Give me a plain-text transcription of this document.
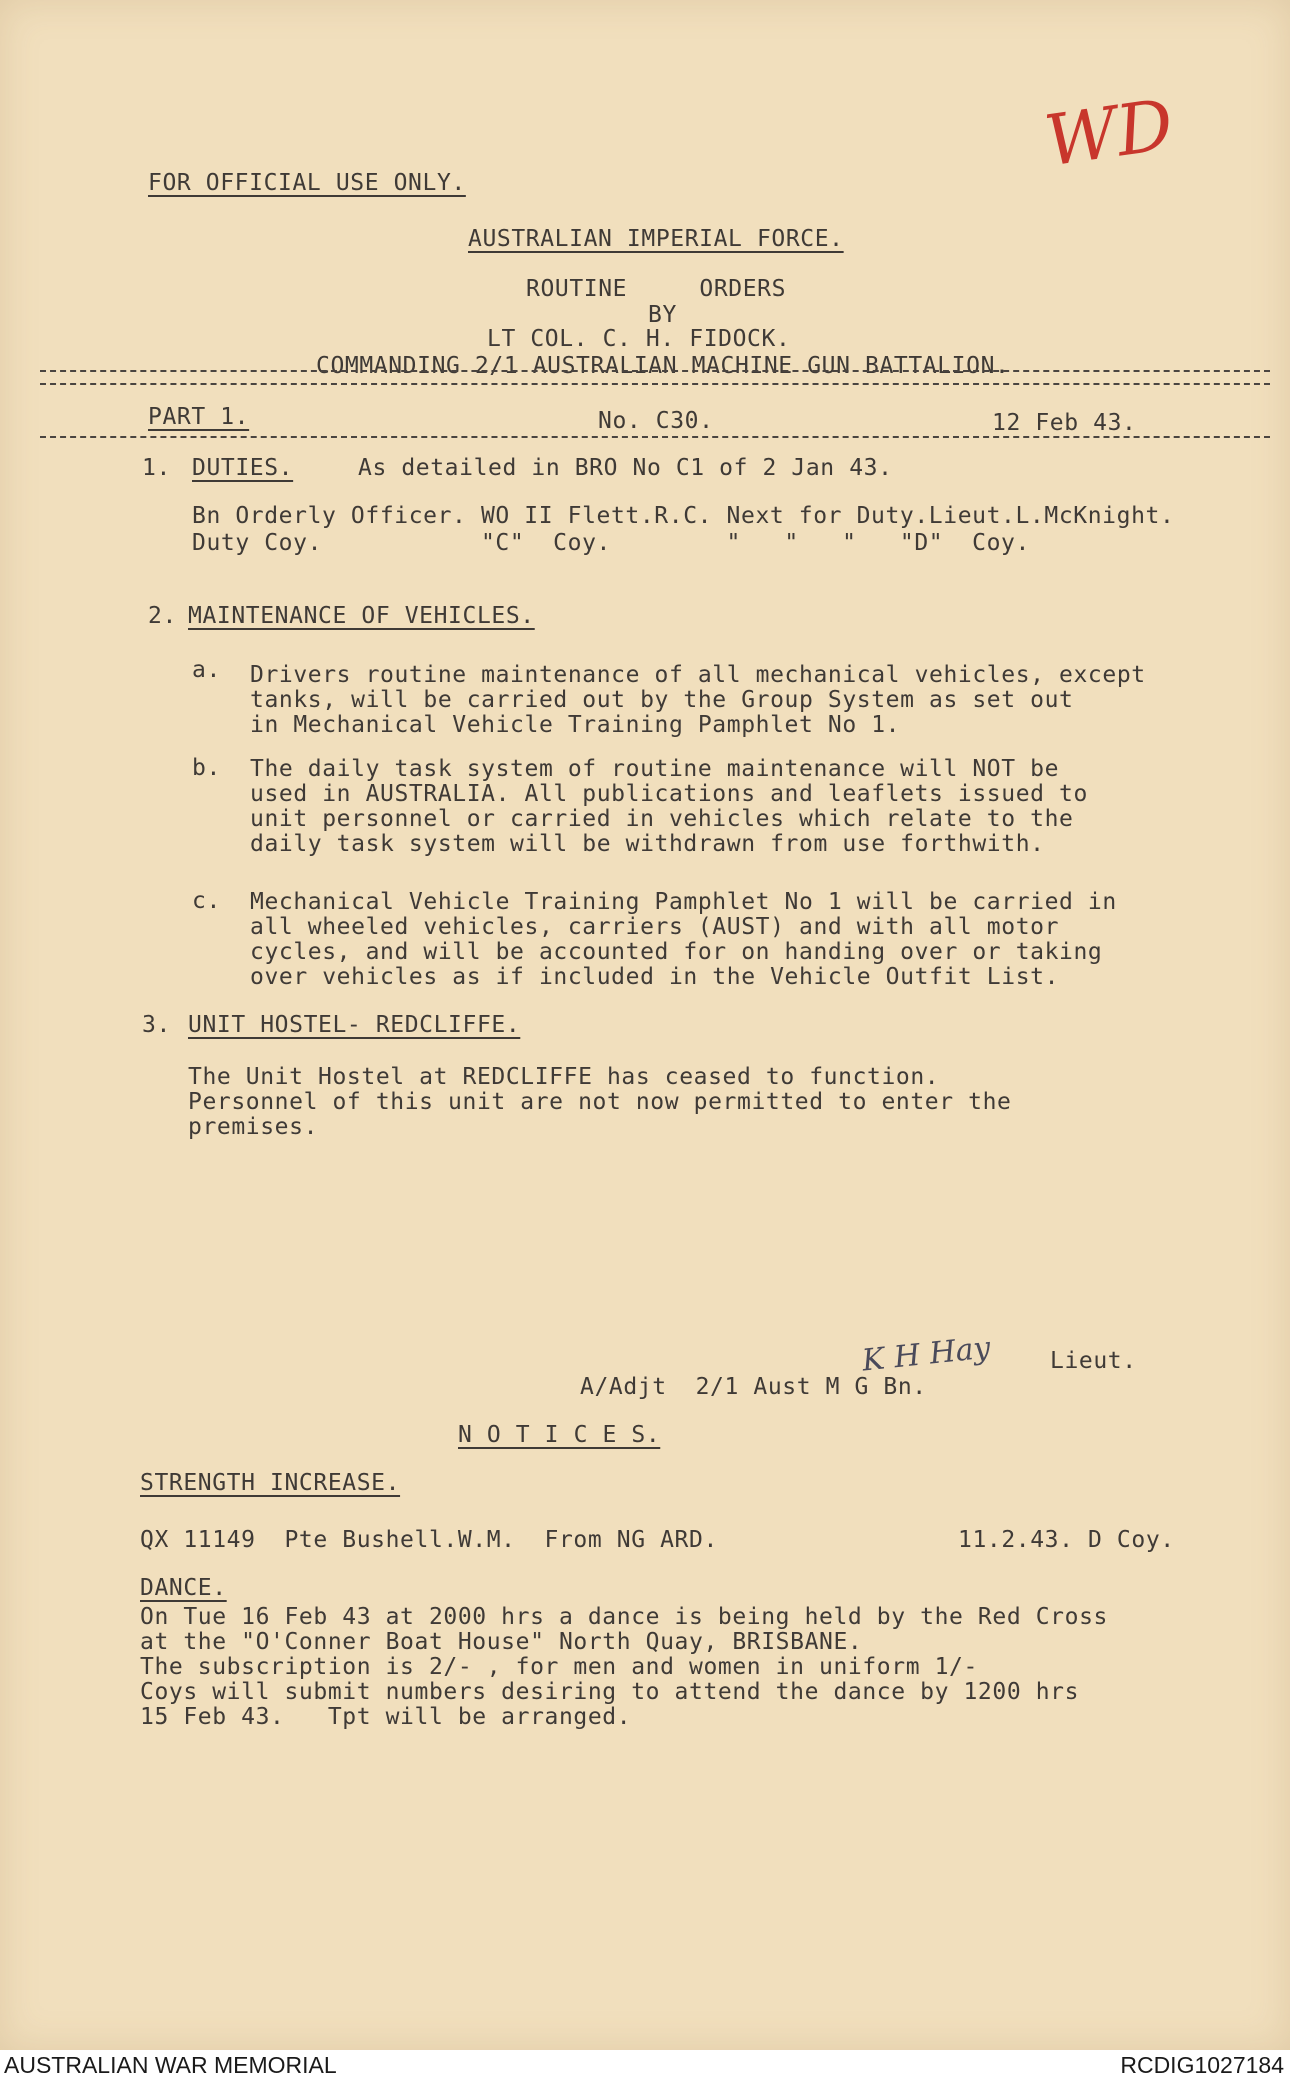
WD

FOR OFFICIAL USE ONLY.

AUSTRALIAN IMPERIAL FORCE.

ROUTINE     ORDERS

BY

LT COL. C. H. FIDOCK.

COMMANDING 2/1 AUSTRALIAN MACHINE GUN BATTALION.

PART 1.	No. C30.	12 Feb 43.

1. DUTIES.	As detailed in BRO No C1 of 2 Jan 43.

Bn Orderly Officer. WO II Flett.R.C. Next for Duty.Lieut.L.McKnight.

Duty Coy.           "C"  Coy.        "   "   "   "D"  Coy.

2. MAINTENANCE OF VEHICLES.

a. Drivers routine maintenance of all mechanical vehicles, except
tanks, will be carried out by the Group System as set out
in Mechanical Vehicle Training Pamphlet No 1.

b. The daily task system of routine maintenance will NOT be
used in AUSTRALIA. All publications and leaflets issued to
unit personnel or carried in vehicles which relate to the
daily task system will be withdrawn from use forthwith.

c. Mechanical Vehicle Training Pamphlet No 1 will be carried in
all wheeled vehicles, carriers (AUST) and with all motor
cycles, and will be accounted for on handing over or taking
over vehicles as if included in the Vehicle Outfit List.

3. UNIT HOSTEL- REDCLIFFE.

The Unit Hostel at REDCLIFFE has ceased to function.
Personnel of this unit are not now permitted to enter the
premises.

K H Hay	Lieut.

A/Adjt  2/1 Aust M G Bn.

N O T I C E S.

STRENGTH INCREASE.

QX 11149  Pte Bushell.W.M.  From NG ARD.	11.2.43. D Coy.

DANCE.

On Tue 16 Feb 43 at 2000 hrs a dance is being held by the Red Cross
at the "O'Conner Boat House" North Quay, BRISBANE.
The subscription is 2/- , for men and women in uniform 1/-
Coys will submit numbers desiring to attend the dance by 1200 hrs
15 Feb 43.   Tpt will be arranged.

AUSTRALIAN WAR MEMORIAL	RCDIG1027184
